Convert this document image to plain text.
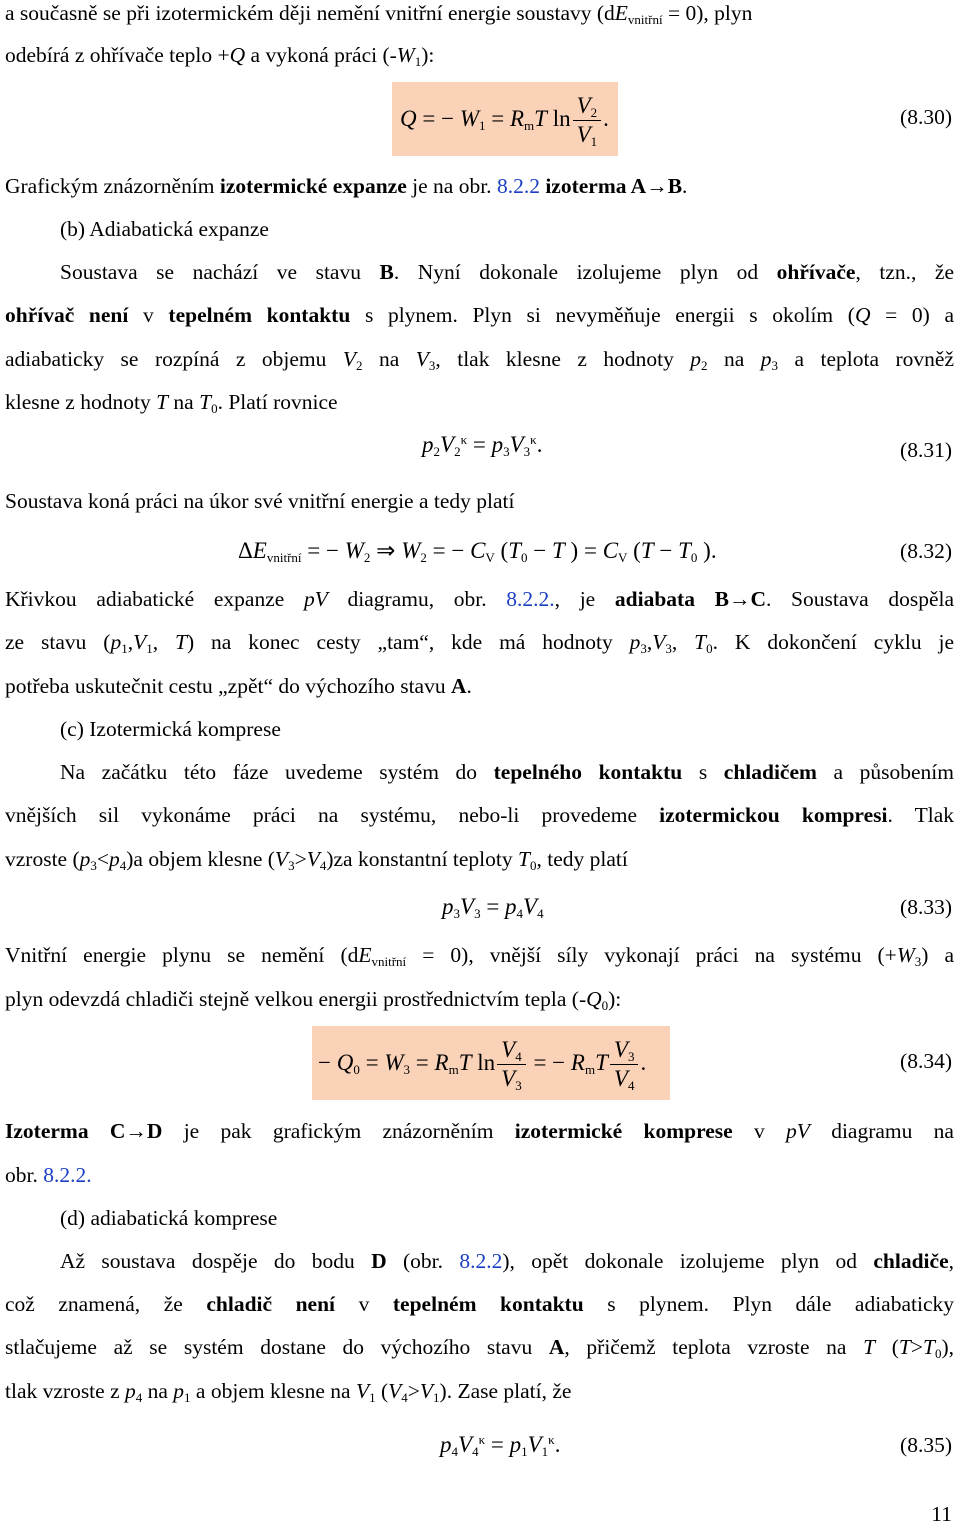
a současně se při izotermickém ději nemění vnitřní energie soustavy $(dE_{vnitřní} = 0)$, plyn
odebírá z ohřívače teplo +Q a vykoná práci $(-W_1)$:
Q = − $W_1 = R_mT$ $\ln \frac{V_2}{V_1}$ .	(8.30)
Grafickým znázorněním izotermické expanze je na obr. 8.2.2 izoterma A→B.
(b) Adiabatická expanze
Soustava se nachází ve stavu B. Nyní dokonale izolujeme plyn od ohřívače, tzn., že
ohřívač není v tepelném kontaktu s plynem. Plyn si nevyměňuje energii s okolím (Q = 0) a
adiabaticky se rozpíná z objemu $V_2$ na $V_3$, tlak klesne z hodnoty $p_2$ na $p_3$ a teplota rovněž
klesne z hodnoty T na $T_0$. Platí rovnice
$p_2V_2^\kappa = p_3V_3^\kappa$.	(8.31)
Soustava koná práci na úkor své vnitřní energie a tedy platí
$\Delta E_{vnitřní}$ = − $W_2$ ⇒ $W_2$ = − $C_V$ ($T_0 - T$ ) = $C_V$ ($T - T_0$ ).	(8.32)
Křivkou adiabatické expanze pV diagramu, obr. 8.2.2., je adiabata B→C. Soustava dospěla
ze stavu ($p_1,V_1$, T) na konec cesty „tam“, kde má hodnoty $p_3,V_3$, $T_0$. K dokončení cyklu je
potřeba uskutečnit cestu „zpět“ do výchozího stavu A.
(c) Izotermická komprese
Na začátku této fáze uvedeme systém do tepelného kontaktu s chladičem a působením
vnějších sil vykonáme práci na systému, nebo-li provedeme izotermickou kompresi. Tlak
vzroste $(p_3<p_4)a$ objem klesne $(V_3>V_4)za$ konstantní teploty $T_0$, tedy platí
$p_3V_3 = p_4V_4$	(8.33)
Vnitřní energie plynu se nemění $(dE_{vnitřní} = 0)$, vnější síly vykonají práci na systému $(+W_3)$ a
plyn odevzdá chladiči stejně velkou energii prostřednictvím tepla $(-Q_0)$:
− $Q_0 = W_3 = R_mT$ $\ln \frac{V_4}{V_3}$ = − $R_mT \frac{V_3}{V_4}$ .	(8.34)
Izoterma C→D je pak grafickým znázorněním izotermické komprese v pV diagramu na
obr. 8.2.2.
(d) adiabatická komprese
Až soustava dospěje do bodu D (obr. 8.2.2), opět dokonale izolujeme plyn od chladiče,
což znamená, že chladič není v tepelném kontaktu s plynem. Plyn dále adiabaticky
stlačujeme až se systém dostane do výchozího stavu A, přičemž teplota vzroste na T $(T>T_0)$,
tlak vzroste z $p_4$ na $p_1$ a objem klesne na $V_1$ $(V_4>V_1)$. Zase platí, že
$p_4V_4^\kappa = p_1V_1^\kappa$.	(8.35)
11
